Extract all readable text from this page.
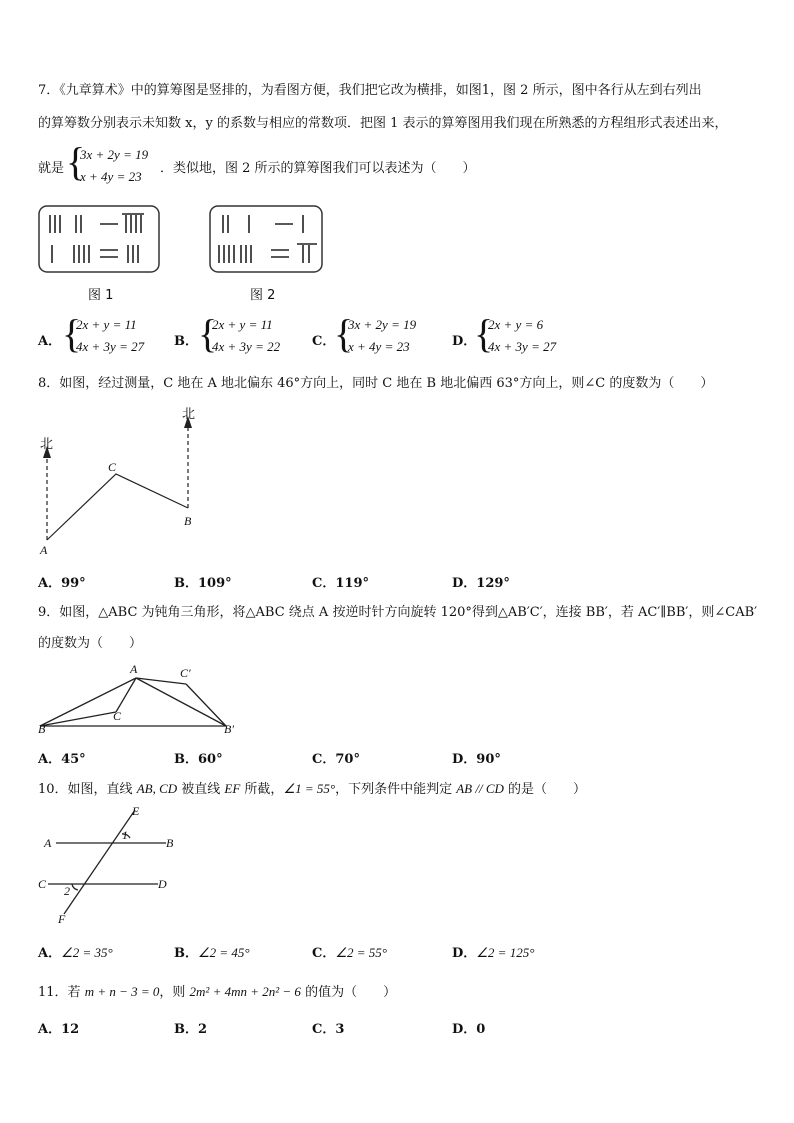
7．《九章算术》中的算筹图是竖排的，为看图方便，我们把它改为横排，如图1，图 2 所示，图中各行从左到右列出
的算筹数分别表示未知数 x，y 的系数与相应的常数项．把图 1 表示的算筹图用我们现在所熟悉的方程组形式表述出来，
就是 {
3x + 2y = 19
x + 4y = 23
．类似地，图 2 所示的算筹图我们可以表述为（　　）
图 1	图 2
A． {
2x + y = 11
4x + 3y = 27 B． {
2x + y = 11
4x + 3y = 22 C．
{
3x + 2y = 19
x + 4y = 23	D．
{
2x + y = 6
4x + 3y = 27
8．如图，经过测量，C 地在 A 地北偏东 46°方向上，同时 C 地在 B 地北偏西 63°方向上，则∠C 的度数为（　　）
北
北
C
B
A
A．99°	B．109°	C．119°	D．129°
9．如图，△ABC 为钝角三角形，将△ABC 绕点 A 按逆时针方向旋转 120°得到△AB′C′，连接 BB′，若 AC′∥BB′，则∠CAB′
的度数为（　　）
A	C′
C
B	B′
A．45°	B．60°	C．70°	D．90°
10．如图，直线 AB, CD 被直线 EF 所截，∠1 = 55°，下列条件中能判定 AB // CD 的是（　　）
E
1
A	B
C	D
2
F
A．∠2 = 35°	B．∠2 = 45°	C．∠2 = 55°	D．∠2 = 125°
11．若 m + n − 3 = 0，则 2m² + 4mn + 2n² − 6 的值为（　　）
A．12	B．2	C．3	D．0
